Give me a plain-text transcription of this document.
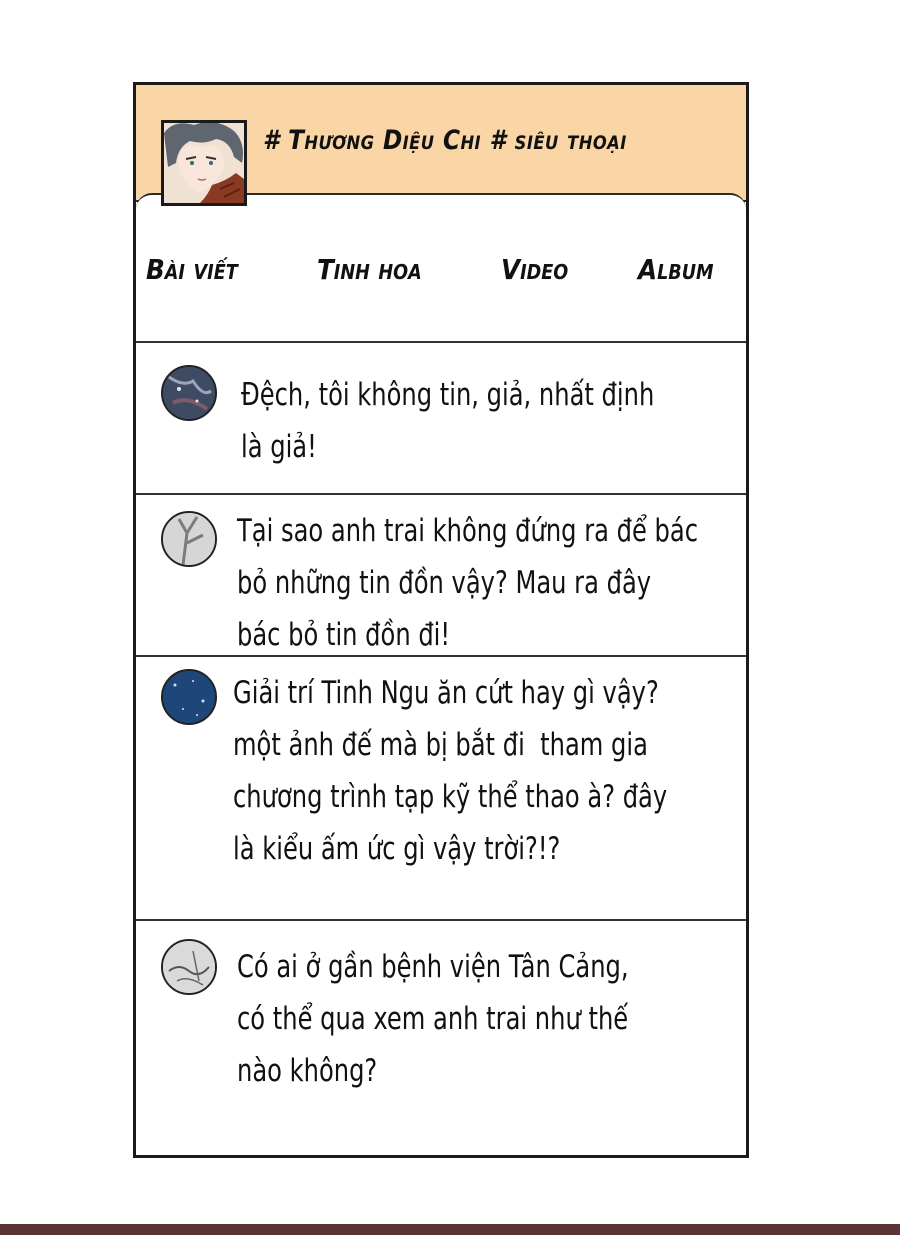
# Thương Diệu Chi # siêu thoại
Bài viết	Tinh hoa	Video Album
Đệch, tôi không tin, giả, nhất định
là giả!
Tại sao anh trai không đứng ra để bác
bỏ những tin đồn vậy? Mau ra đây
bác bỏ tin đồn đi!
Giải trí Tinh Ngu ăn cứt hay gì vậy?
một ảnh đế mà bị bắt đi  tham gia
chương trình tạp kỹ thể thao à? đây
là kiểu ấm ức gì vậy trời?!?
Có ai ở gần bệnh viện Tân Cảng,
có thể qua xem anh trai như thế
nào không?
